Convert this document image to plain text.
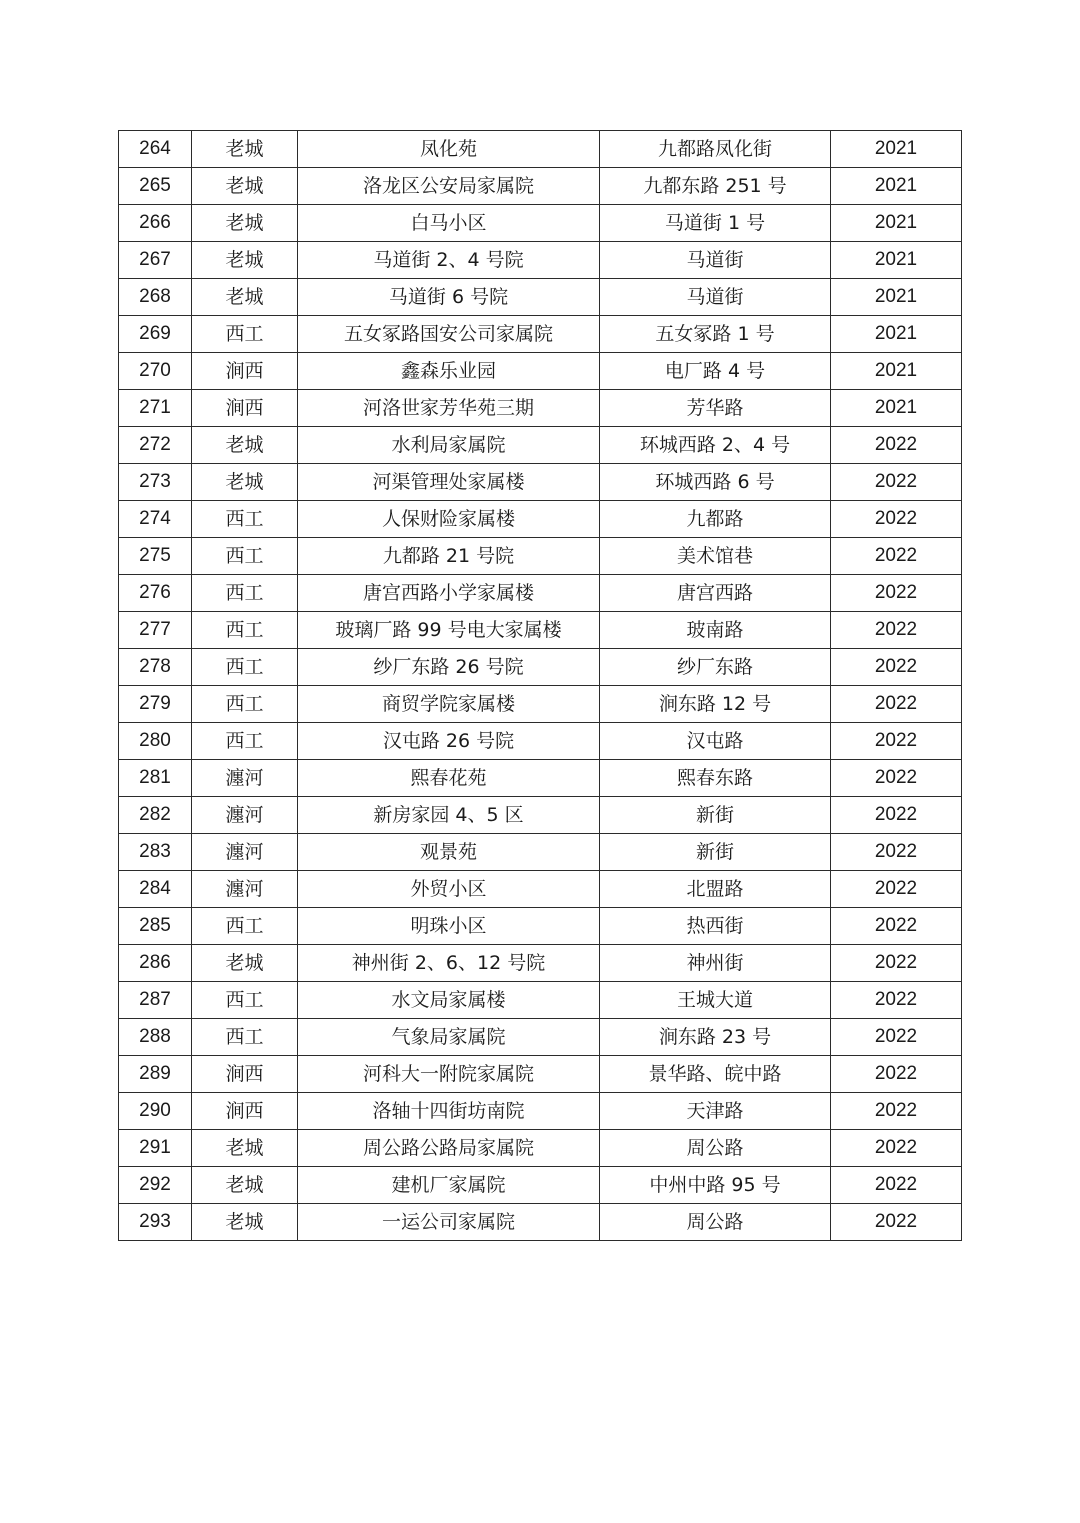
264	老城	凤化苑	九都路凤化街	2021
265	老城	洛龙区公安局家属院	九都东路 251 号	2021
266	老城	白马小区	马道街 1 号	2021
267	老城	马道街 2、4 号院	马道街	2021
268	老城	马道街 6 号院	马道街	2021
269	西工	五女冢路国安公司家属院	五女冢路 1 号	2021
270	涧西	鑫森乐业园	电厂路 4 号	2021
271	涧西	河洛世家芳华苑三期	芳华路	2021
272	老城	水利局家属院	环城西路 2、4 号	2022
273	老城	河渠管理处家属楼	环城西路 6 号	2022
274	西工	人保财险家属楼	九都路	2022
275	西工	九都路 21 号院	美术馆巷	2022
276	西工	唐宫西路小学家属楼	唐宫西路	2022
277	西工	玻璃厂路 99 号电大家属楼	玻南路	2022
278	西工	纱厂东路 26 号院	纱厂东路	2022
279	西工	商贸学院家属楼	涧东路 12 号	2022
280	西工	汉屯路 26 号院	汉屯路	2022
281	瀍河	熙春花苑	熙春东路	2022
282	瀍河	新房家园 4、5 区	新街	2022
283	瀍河	观景苑	新街	2022
284	瀍河	外贸小区	北盟路	2022
285	西工	明珠小区	热西街	2022
286	老城	神州街 2、6、12 号院	神州街	2022
287	西工	水文局家属楼	王城大道	2022
288	西工	气象局家属院	涧东路 23 号	2022
289	涧西	河科大一附院家属院	景华路、皖中路	2022
290	涧西	洛轴十四街坊南院	天津路	2022
291	老城	周公路公路局家属院	周公路	2022
292	老城	建机厂家属院	中州中路 95 号	2022
293	老城	一运公司家属院	周公路	2022
